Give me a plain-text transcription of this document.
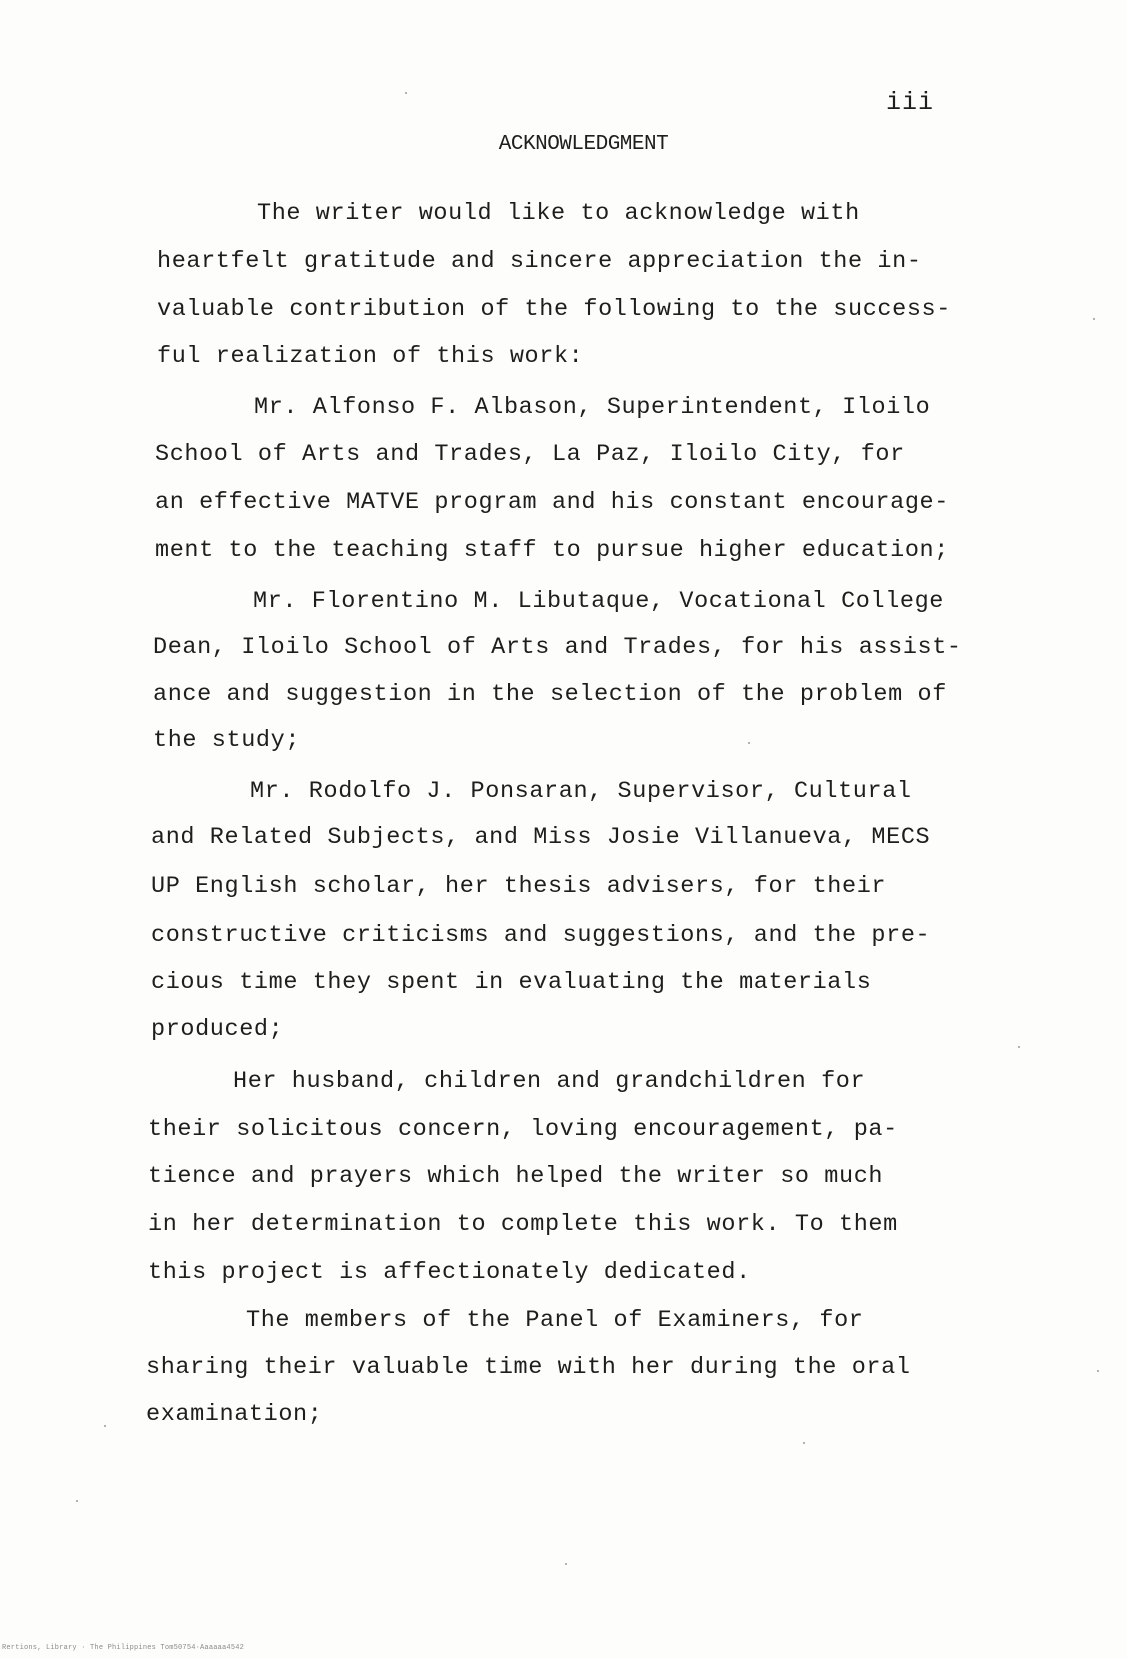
iii
ACKNOWLEDGMENT
The writer would like to acknowledge with
heartfelt gratitude and sincere appreciation the in-
valuable contribution of the following to the success-
ful realization of this work:
Mr. Alfonso F. Albason, Superintendent, Iloilo
School of Arts and Trades, La Paz, Iloilo City, for
an effective MATVE program and his constant encourage-
ment to the teaching staff to pursue higher education;
Mr. Florentino M. Libutaque, Vocational College
Dean, Iloilo School of Arts and Trades, for his assist-
ance and suggestion in the selection of the problem of
the study;
Mr. Rodolfo J. Ponsaran, Supervisor, Cultural
and Related Subjects, and Miss Josie Villanueva, MECS
UP English scholar, her thesis advisers, for their
constructive criticisms and suggestions, and the pre-
cious time they spent in evaluating the materials
produced;
Her husband, children and grandchildren for
their solicitous concern, loving encouragement, pa-
tience and prayers which helped the writer so much
in her determination to complete this work. To them
this project is affectionately dedicated.
The members of the Panel of Examiners, for
sharing their valuable time with her during the oral
examination;
Rertions, Library · The Philippines Tom50754·Aaaaaa4542
